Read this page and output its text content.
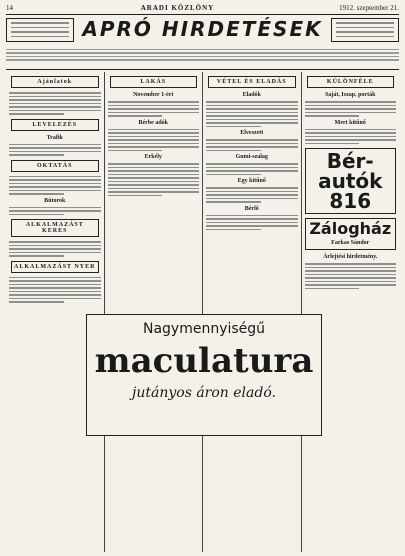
14	ARADI KÖZLÖNY	1912. szeptember 21.
APRÓ HIRDETÉSEK
Ajánlatok
LEVELEZÉS
Trafik
OKTATÁS
Bútorok
ALKALMAZÁST KERES
ALKALMAZÁST NYER
LAKÁS
November 1-ért
Bérbe adók
Erkély
VÉTEL ÉS ELADÁS
Eladók
Elveszett
Gumi-szalag
Egy kitűnő
Bérlő
KÜLÖNFÉLE
Saját, Iszap, porták
Mert kitűnő
Bér-autók
816
Zálogház
Farkas Sándor
Árlejtési hirdetmény.
Nagymennyiségű
maculatura
jutányos áron eladó.
